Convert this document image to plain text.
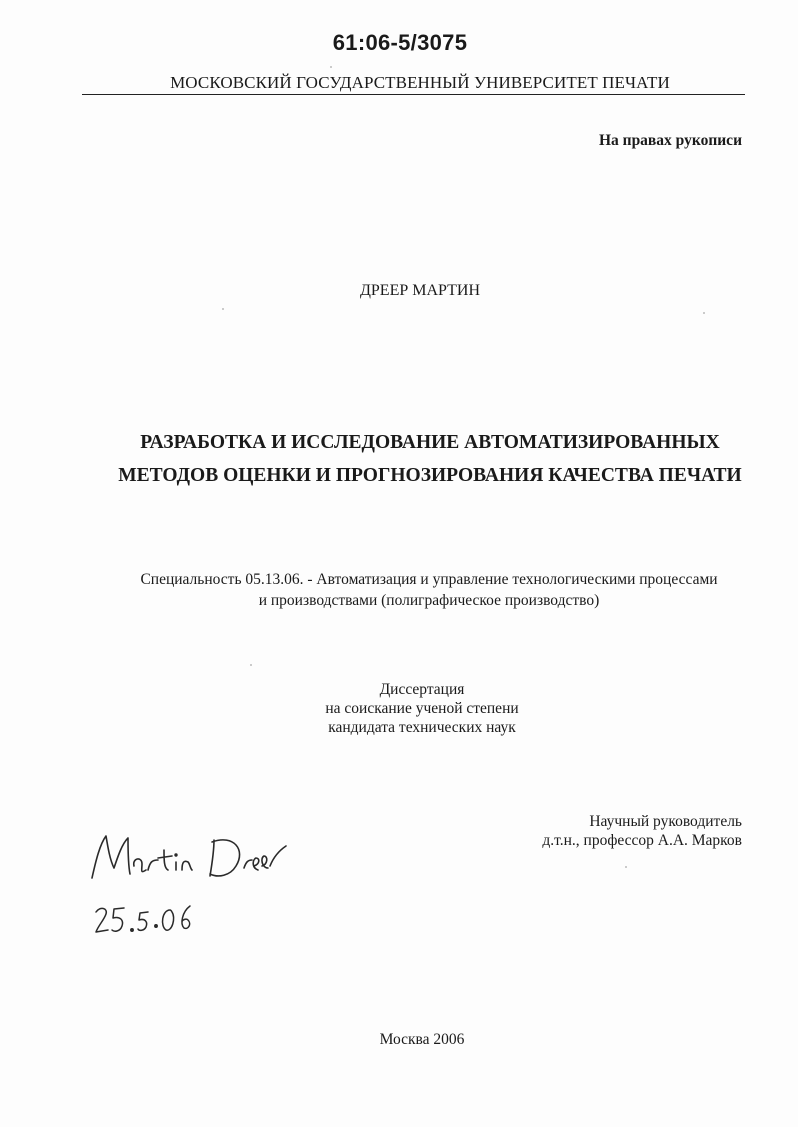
61:06-5/3075
МОСКОВСКИЙ ГОСУДАРСТВЕННЫЙ УНИВЕРСИТЕТ ПЕЧАТИ
На правах рукописи
ДРЕЕР МАРТИН
РАЗРАБОТКА И ИССЛЕДОВАНИЕ АВТОМАТИЗИРОВАННЫХ
МЕТОДОВ ОЦЕНКИ И ПРОГНОЗИРОВАНИЯ КАЧЕСТВА ПЕЧАТИ
Специальность 05.13.06. - Автоматизация и управление технологическими процессами
и производствами (полиграфическое производство)
Диссертация
на соискание ученой степени
кандидата технических наук
Научный руководитель
д.т.н., профессор А.А. Марков
Москва 2006
